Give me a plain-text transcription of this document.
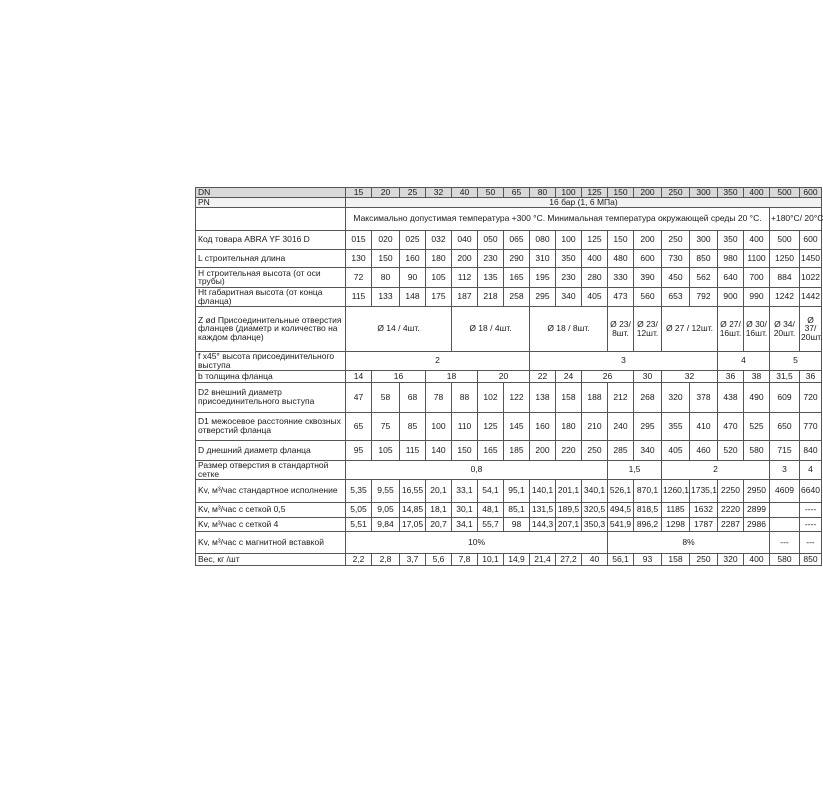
DN	15	20	25	32	40	50	65	80	100	125	150	200	250	300	350	400	500	600
PN	16 бар (1, 6 МПа)																	
	Максимально допустимая температура +300 °С. Минимальная температура окружающей среды 20 °С.																+180°С/ 20°С	
Код товара ABRA YF 3016 D	015	020	025	032	040	050	065	080	100	125	150	200	250	300	350	400	500	600
L строительная длина	130	150	160	180	200	230	290	310	350	400	480	600	730	850	980	1100	1250	1450
H строительная высота (от оси трубы)	72	80	90	105	112	135	165	195	230	280	330	390	450	562	640	700	884	1022
Ht габаритная высота (от конца фланца)	115	133	148	175	187	218	258	295	340	405	473	560	653	792	900	990	1242	1442
Z ød Присоединительные отверстия фланцев (диаметр и количество на каждом фланце)	Ø 14 / 4шт.				Ø 18 / 4шт.			Ø 18 / 8шт.			Ø 23/ 8шт.	Ø 23/ 12шт.	Ø 27 / 12шт.		Ø 27/ 16шт.	Ø 30/ 16шт.	Ø 34/ 20шт.	Ø 37/ 20шт.
f x45° высота присоединительного выступа	2							3							4		5	
b толщина фланца	14	16		18		20		22	24	26		30	32		36	38	31,5	36
D2 внешний диаметр присоединительного выступа	47	58	68	78	88	102	122	138	158	188	212	268	320	378	438	490	609	720
D1 межосевое расстояние сквозных отверстий фланца	65	75	85	100	110	125	145	160	180	210	240	295	355	410	470	525	650	770
D днешний диаметр фланца	95	105	115	140	150	165	185	200	220	250	285	340	405	460	520	580	715	840
Размер отверстия в стандартной сетке	0,8										1,5		2				3	4
Kv, м³/час стандартное исполнение	5,35	9,55	16,55	20,1	33,1	54,1	95,1	140,1	201,1	340,1	526,1	870,1	1260,1	1735,1	2250	2950	4609	6640
Kv, м³/час с сеткой 0,5	5,05	9,05	14,85	18,1	30,1	48,1	85,1	131,5	189,5	320,5	494,5	818,5	1185	1632	2220	2899		----
Kv, м³/час с сеткой 4	5,51	9,84	17,05	20,7	34,1	55,7	98	144,3	207,1	350,3	541,9	896,2	1298	1787	2287	2986		----
Kv, м³/час с магнитной вставкой	10%										8%						---	---
Вес, кг /шт	2,2	2,8	3,7	5,6	7,8	10,1	14,9	21,4	27,2	40	56,1	93	158	250	320	400	580	850
